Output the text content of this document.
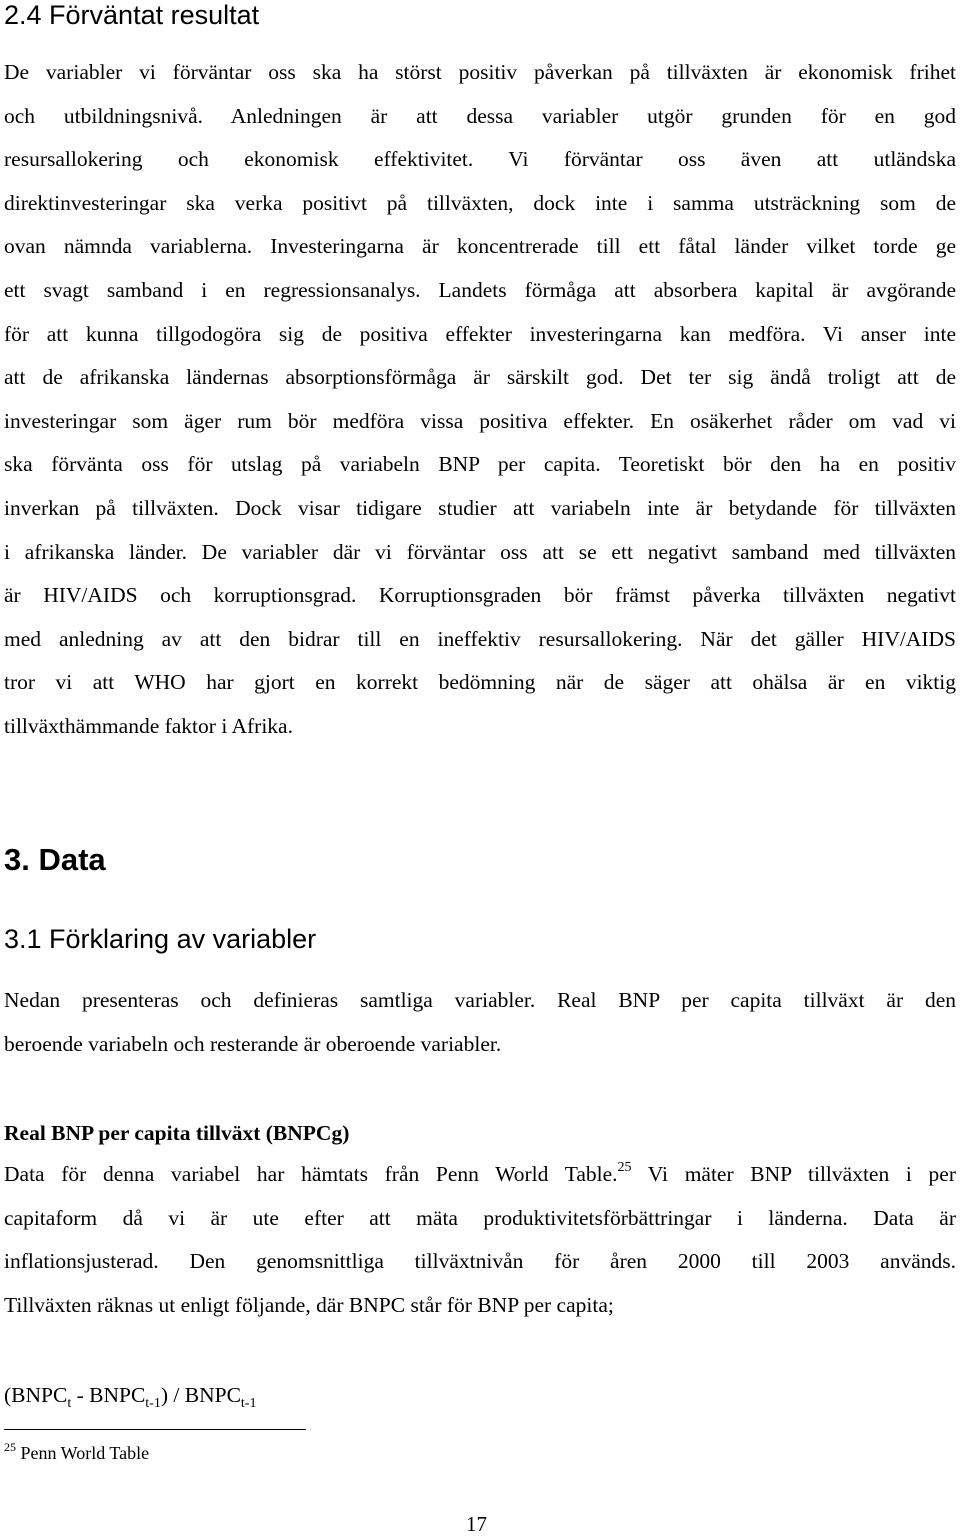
2.4 Förväntat resultat
De variabler vi förväntar oss ska ha störst positiv påverkan på tillväxten är ekonomisk frihet
och utbildningsnivå. Anledningen är att dessa variabler utgör grunden för en god
resursallokering och ekonomisk effektivitet. Vi förväntar oss även att utländska
direktinvesteringar ska verka positivt på tillväxten, dock inte i samma utsträckning som de
ovan nämnda variablerna. Investeringarna är koncentrerade till ett fåtal länder vilket torde ge
ett svagt samband i en regressionsanalys. Landets förmåga att absorbera kapital är avgörande
för att kunna tillgodogöra sig de positiva effekter investeringarna kan medföra. Vi anser inte
att de afrikanska ländernas absorptionsförmåga är särskilt god. Det ter sig ändå troligt att de
investeringar som äger rum bör medföra vissa positiva effekter. En osäkerhet råder om vad vi
ska förvänta oss för utslag på variabeln BNP per capita. Teoretiskt bör den ha en positiv
inverkan på tillväxten. Dock visar tidigare studier att variabeln inte är betydande för tillväxten
i afrikanska länder. De variabler där vi förväntar oss att se ett negativt samband med tillväxten
är HIV/AIDS och korruptionsgrad. Korruptionsgraden bör främst påverka tillväxten negativt
med anledning av att den bidrar till en ineffektiv resursallokering. När det gäller HIV/AIDS
tror vi att WHO har gjort en korrekt bedömning när de säger att ohälsa är en viktig
tillväxthämmande faktor i Afrika.
3. Data
3.1 Förklaring av variabler
Nedan presenteras och definieras samtliga variabler. Real BNP per capita tillväxt är den
beroende variabeln och resterande är oberoende variabler.
Real BNP per capita tillväxt (BNPCg)
Data för denna variabel har hämtats från Penn World Table.$^{25}$ Vi mäter BNP tillväxten i per
capitaform då vi är ute efter att mäta produktivitetsförbättringar i länderna. Data är
inflationsjusterad. Den genomsnittliga tillväxtnivån för åren 2000 till 2003 används.
Tillväxten räknas ut enligt följande, där BNPC står för BNP per capita;
($BNPC_t$ - $BNPC_{t-1}$) / $BNPC_{t-1}$
$^{25}$ Penn World Table
17
